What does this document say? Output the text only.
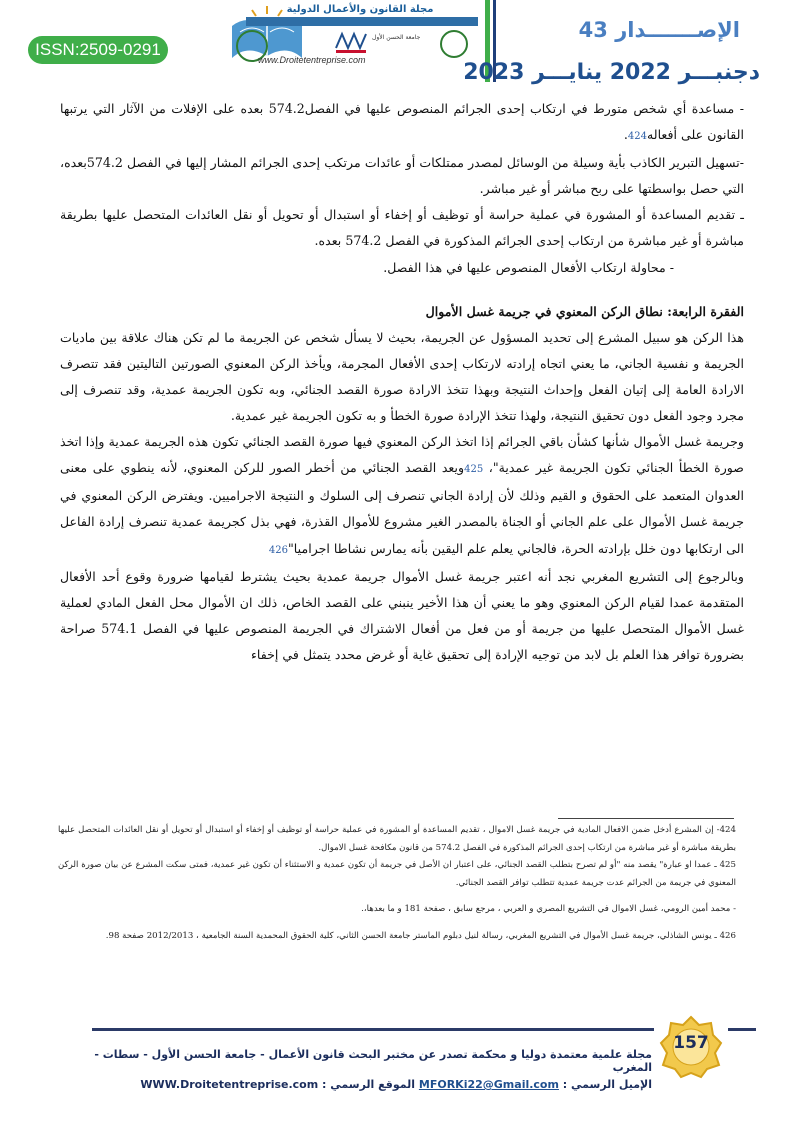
ISSN:2509-0291
مجلة القانون والأعمال الدولية
جامعة الحسن الأول
www.Droitetentreprise.com
الإصـــــــدار 43
دجنبـــر 2022 ينايـــر 2023

- مساعدة أي شخص متورط في ارتكاب إحدى الجرائم المنصوص عليها في الفصل574.2 بعده على الإفلات من الآثار التي يرتبها القانون على أفعاله424.

-تسهيل التبرير الكاذب بأية وسيلة من الوسائل لمصدر ممتلكات أو عائدات مرتكب إحدى الجرائم المشار إليها في الفصل 574.2بعده، التي حصل بواسطتها على ربح مباشر أو غير مباشر.

ـ تقديم المساعدة أو المشورة في عملية حراسة أو توظيف أو إخفاء أو استبدال أو تحويل أو نقل العائدات المتحصل عليها بطريقة مباشرة أو غير مباشرة من ارتكاب إحدى الجرائم المذكورة في الفصل 574.2 بعده.

- محاولة ارتكاب الأفعال المنصوص عليها في هذا الفصل.

الفقرة الرابعة: نطاق الركن المعنوي في جريمة غسل الأموال

هذا الركن هو سبيل المشرع إلى تحديد المسؤول عن الجريمة، بحيث لا يسأل شخص عن الجريمة ما لم تكن هناك علاقة بين ماديات الجريمة و نفسية الجاني، ما يعني اتجاه إرادته لارتكاب إحدى الأفعال المجرمة، ويأخذ الركن المعنوي الصورتين التاليتين فقد تتصرف الارادة العامة إلى إتيان الفعل وإحداث النتيجة وبهذا تتخذ الارادة صورة القصد الجنائي، وبه تكون الجريمة عمدية، وقد تنصرف إلى مجرد وجود الفعل دون تحقيق النتيجة، ولهذا تتخذ الإرادة صورة الخطأ و به تكون الجريمة غير عمدية.

وجريمة غسل الأموال شأنها كشأن باقي الجرائم إذا اتخذ الركن المعنوي فيها صورة القصد الجنائي تكون هذه الجريمة عمدية وإذا اتخذ صورة الخطأ الجنائي تكون الجريمة غير عمدية"، 425ويعد القصد الجنائي من أخطر الصور للركن المعنوي، لأنه ينطوي على معنى العدوان المتعمد على الحقوق و القيم وذلك لأن إرادة الجاني تنصرف إلى السلوك و النتيجة الاجراميين. ويفترض الركن المعنوي في جريمة غسل الأموال على علم الجاني أو الجناة بالمصدر الغير مشروع للأموال القذرة، فهي بذل كجريمة عمدية تنصرف إرادة الفاعل الى ارتكابها دون خلل بإرادته الحرة، فالجاني يعلم علم اليقين بأنه يمارس نشاطا اجراميا"426

وبالرجوع إلى التشريع المغربي نجد أنه اعتبر جريمة غسل الأموال جريمة عمدية بحيث يشترط لقيامها ضرورة وقوع أحد الأفعال المتقدمة عمدا لقيام الركن المعنوي وهو ما يعني أن هذا الأخير ينبني على القصد الخاص، ذلك ان الأموال محل الفعل المادي لعملية غسل الأموال المتحصل عليها من جريمة أو من فعل من أفعال الاشتراك في الجريمة المنصوص عليها في الفصل 574.1 صراحة بضرورة توافر هذا العلم بل لابد من توجيه الإرادة إلى تحقيق غاية أو غرض محدد يتمثل في إخفاء

424- إن المشرع أدخل ضمن الافعال المادية في جريمة غسل الاموال ، تقديم المساعدة أو المشورة في عملية حراسة أو توظيف أو إخفاء أو استبدال أو تحويل أو نقل العائدات المتحصل عليها بطريقة مباشرة أو غير مباشرة من ارتكاب إحدى الجرائم المذكورة في الفصل 574.2 من قانون مكافحة غسل الاموال.

425 ـ عمدا او عبارة" يقصد منه "أو لم تصرح بتطلب القصد الجنائي، على اعتبار ان الأصل في جريمة أن تكون عمدية و الاستثناء أن تكون غير عمدية، فمتى سكت المشرع عن بيان صورة الركن المعنوي في جريمة من الجرائم عدت جريمة عمدية تتطلب توافر القصد الجنائي.

- محمد أمين الرومي، غسل الاموال في التشريع المصري و العربي ، مرجع سابق ، صفحة 181 و ما بعدها،.

426 ـ يونس الشاذلي، جريمة غسل الأموال في التشريع المغربي، رسالة لنيل دبلوم الماستر جامعة الحسن الثاني، كلية الحقوق المحمدية السنة الجامعية ، 2012/2013 صفحة 98.

157
مجلة علمية معتمدة دوليا و محكمة تصدر عن مختبر البحث قانون الأعمال - جامعة الحسن الأول - سطات - المغرب
الإميل الرسمي : MFORKi22@Gmail.com الموقع الرسمي : WWW.Droitetentreprise.com
